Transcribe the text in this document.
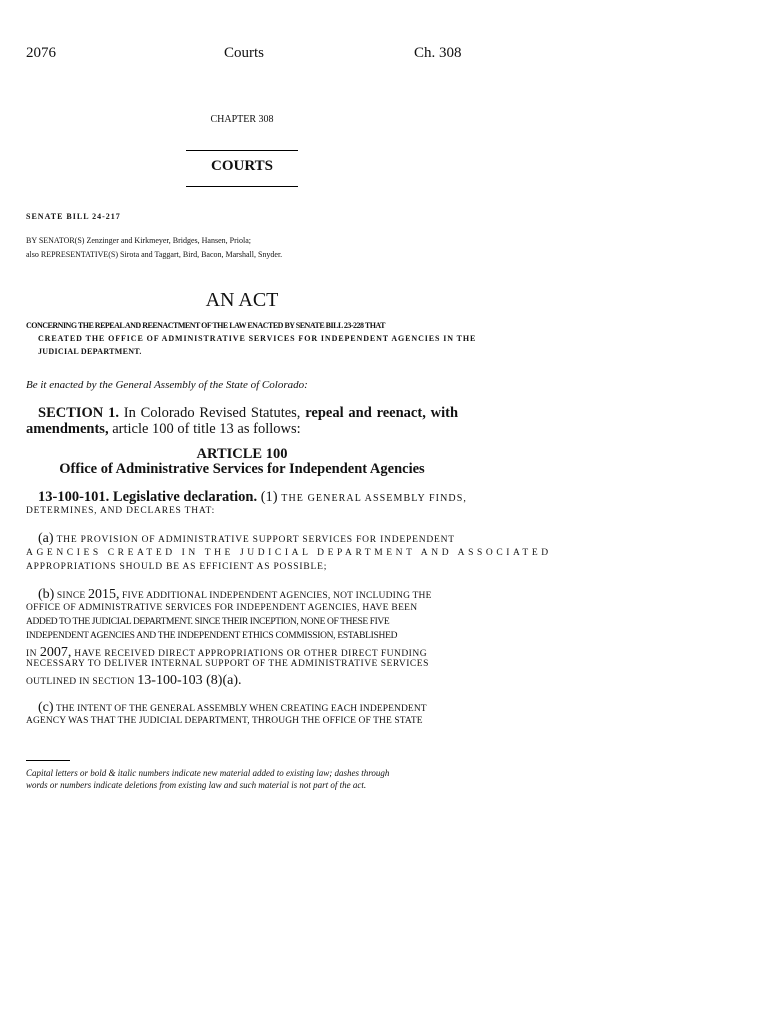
2076	Courts	Ch. 308
CHAPTER 308
COURTS
SENATE BILL 24-217
BY SENATOR(S) Zenzinger and Kirkmeyer, Bridges, Hansen, Priola;
also REPRESENTATIVE(S) Sirota and Taggart, Bird, Bacon, Marshall, Snyder.
AN ACT
CONCERNING THE REPEAL AND REENACTMENT OF THE LAW ENACTED BY SENATE BILL 23-228 THAT
CREATED THE OFFICE OF ADMINISTRATIVE SERVICES FOR INDEPENDENT AGENCIES IN THE
JUDICIAL DEPARTMENT.
Be it enacted by the General Assembly of the State of Colorado:
SECTION 1. In Colorado Revised Statutes, repeal and reenact, with amendments, article 100 of title 13 as follows:
ARTICLE 100
Office of Administrative Services for Independent Agencies
13-100-101. Legislative declaration. (1) THE GENERAL ASSEMBLY FINDS,
DETERMINES, AND DECLARES THAT:
(a) THE PROVISION OF ADMINISTRATIVE SUPPORT SERVICES FOR INDEPENDENT
AGENCIES CREATED IN THE JUDICIAL DEPARTMENT AND ASSOCIATED
APPROPRIATIONS SHOULD BE AS EFFICIENT AS POSSIBLE;
(b) SINCE 2015, FIVE ADDITIONAL INDEPENDENT AGENCIES, NOT INCLUDING THE
OFFICE OF ADMINISTRATIVE SERVICES FOR INDEPENDENT AGENCIES, HAVE BEEN
ADDED TO THE JUDICIAL DEPARTMENT. SINCE THEIR INCEPTION, NONE OF THESE FIVE
INDEPENDENT AGENCIES AND THE INDEPENDENT ETHICS COMMISSION, ESTABLISHED
IN 2007, HAVE RECEIVED DIRECT APPROPRIATIONS OR OTHER DIRECT FUNDING
NECESSARY TO DELIVER INTERNAL SUPPORT OF THE ADMINISTRATIVE SERVICES
OUTLINED IN SECTION 13-100-103 (8)(a).
(c) THE INTENT OF THE GENERAL ASSEMBLY WHEN CREATING EACH INDEPENDENT
AGENCY WAS THAT THE JUDICIAL DEPARTMENT, THROUGH THE OFFICE OF THE STATE
Capital letters or bold & italic numbers indicate new material added to existing law; dashes through
words or numbers indicate deletions from existing law and such material is not part of the act.
